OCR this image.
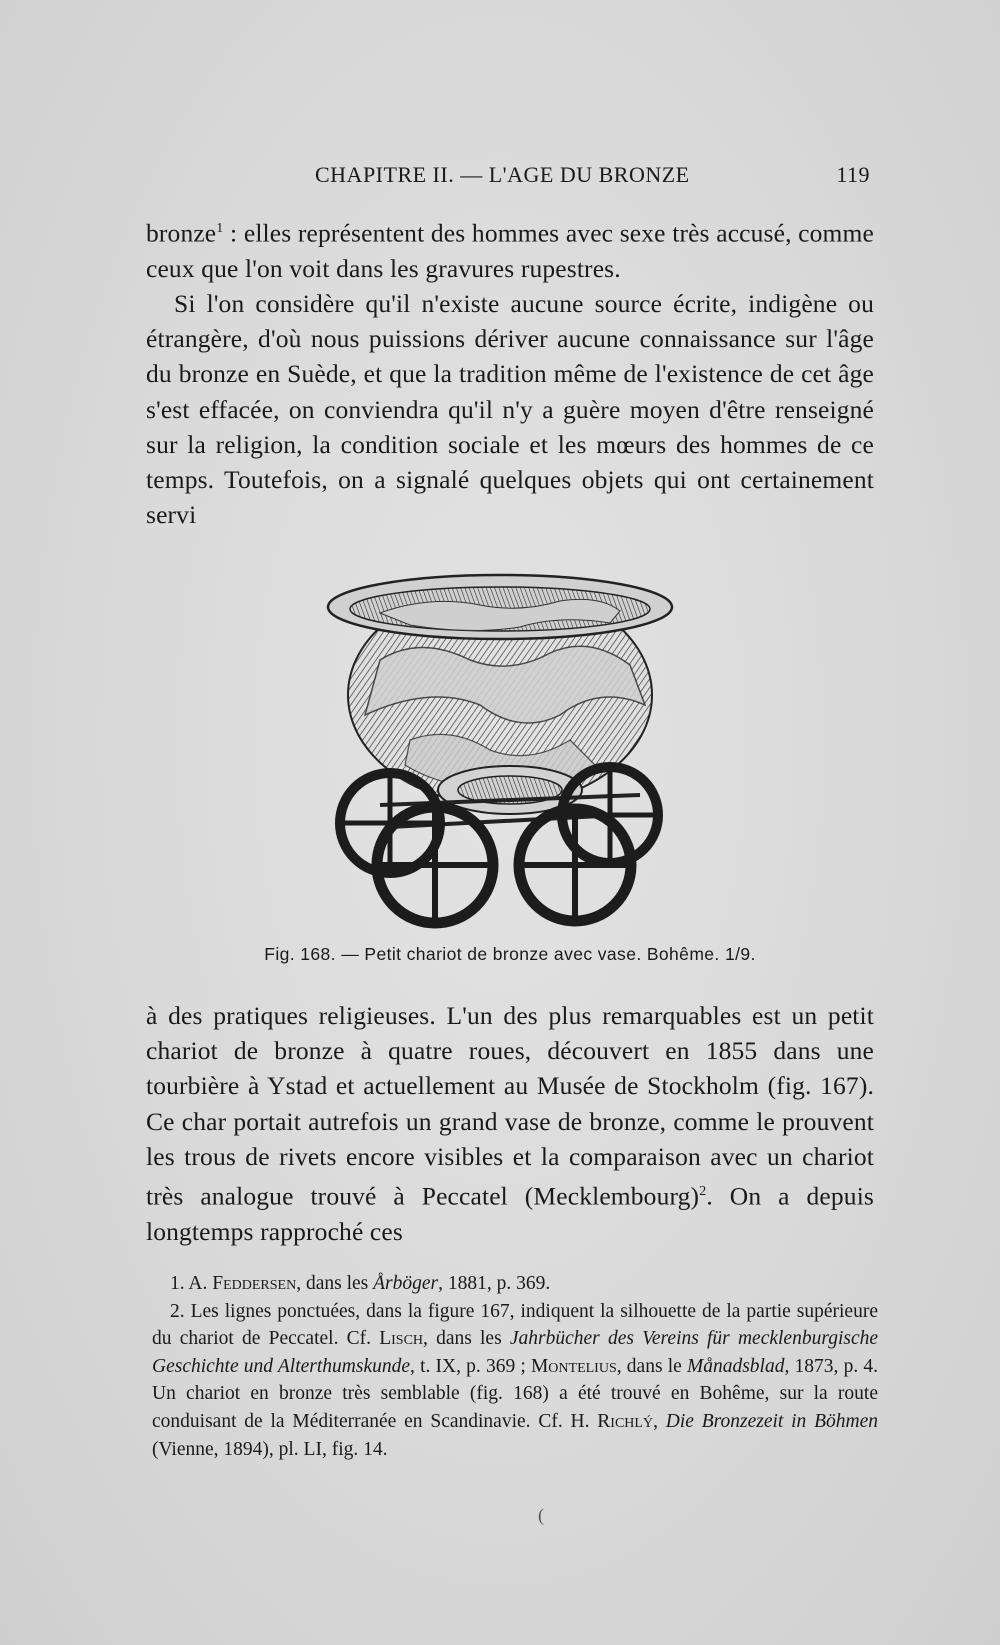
CHAPITRE II. — L'AGE DU BRONZE	119

bronze$^1$ : elles représentent des hommes avec sexe très accusé, comme ceux que l'on voit dans les gravures rupestres.

Si l'on considère qu'il n'existe aucune source écrite, indigène ou étrangère, d'où nous puissions dériver aucune connaissance sur l'âge du bronze en Suède, et que la tradition même de l'existence de cet âge s'est effacée, on conviendra qu'il n'y a guère moyen d'être renseigné sur la religion, la condition sociale et les mœurs des hommes de ce temps. Toutefois, on a signalé quelques objets qui ont certainement servi

Fig. 168. — Petit chariot de bronze avec vase. Bohême. 1/9.

à des pratiques religieuses. L'un des plus remarquables est un petit chariot de bronze à quatre roues, découvert en 1855 dans une tourbière à Ystad et actuellement au Musée de Stockholm (fig. 167). Ce char portait autrefois un grand vase de bronze, comme le prouvent les trous de rivets encore visibles et la comparaison avec un chariot très analogue trouvé à Peccatel (Mecklembourg)$^2$. On a depuis longtemps rapproché ces

1. A. Feddersen, dans les Årböger, 1881, p. 369.

2. Les lignes ponctuées, dans la figure 167, indiquent la silhouette de la partie supérieure du chariot de Peccatel. Cf. Lisch, dans les Jahrbücher des Vereins für mecklenburgische Geschichte und Alterthumskunde, t. IX, p. 369 ; Montelius, dans le Månadsblad, 1873, p. 4. Un chariot en bronze très semblable (fig. 168) a été trouvé en Bohême, sur la route conduisant de la Méditerranée en Scandinavie. Cf. H. Richlý, Die Bronzezeit in Böhmen (Vienne, 1894), pl. LI, fig. 14.

(
